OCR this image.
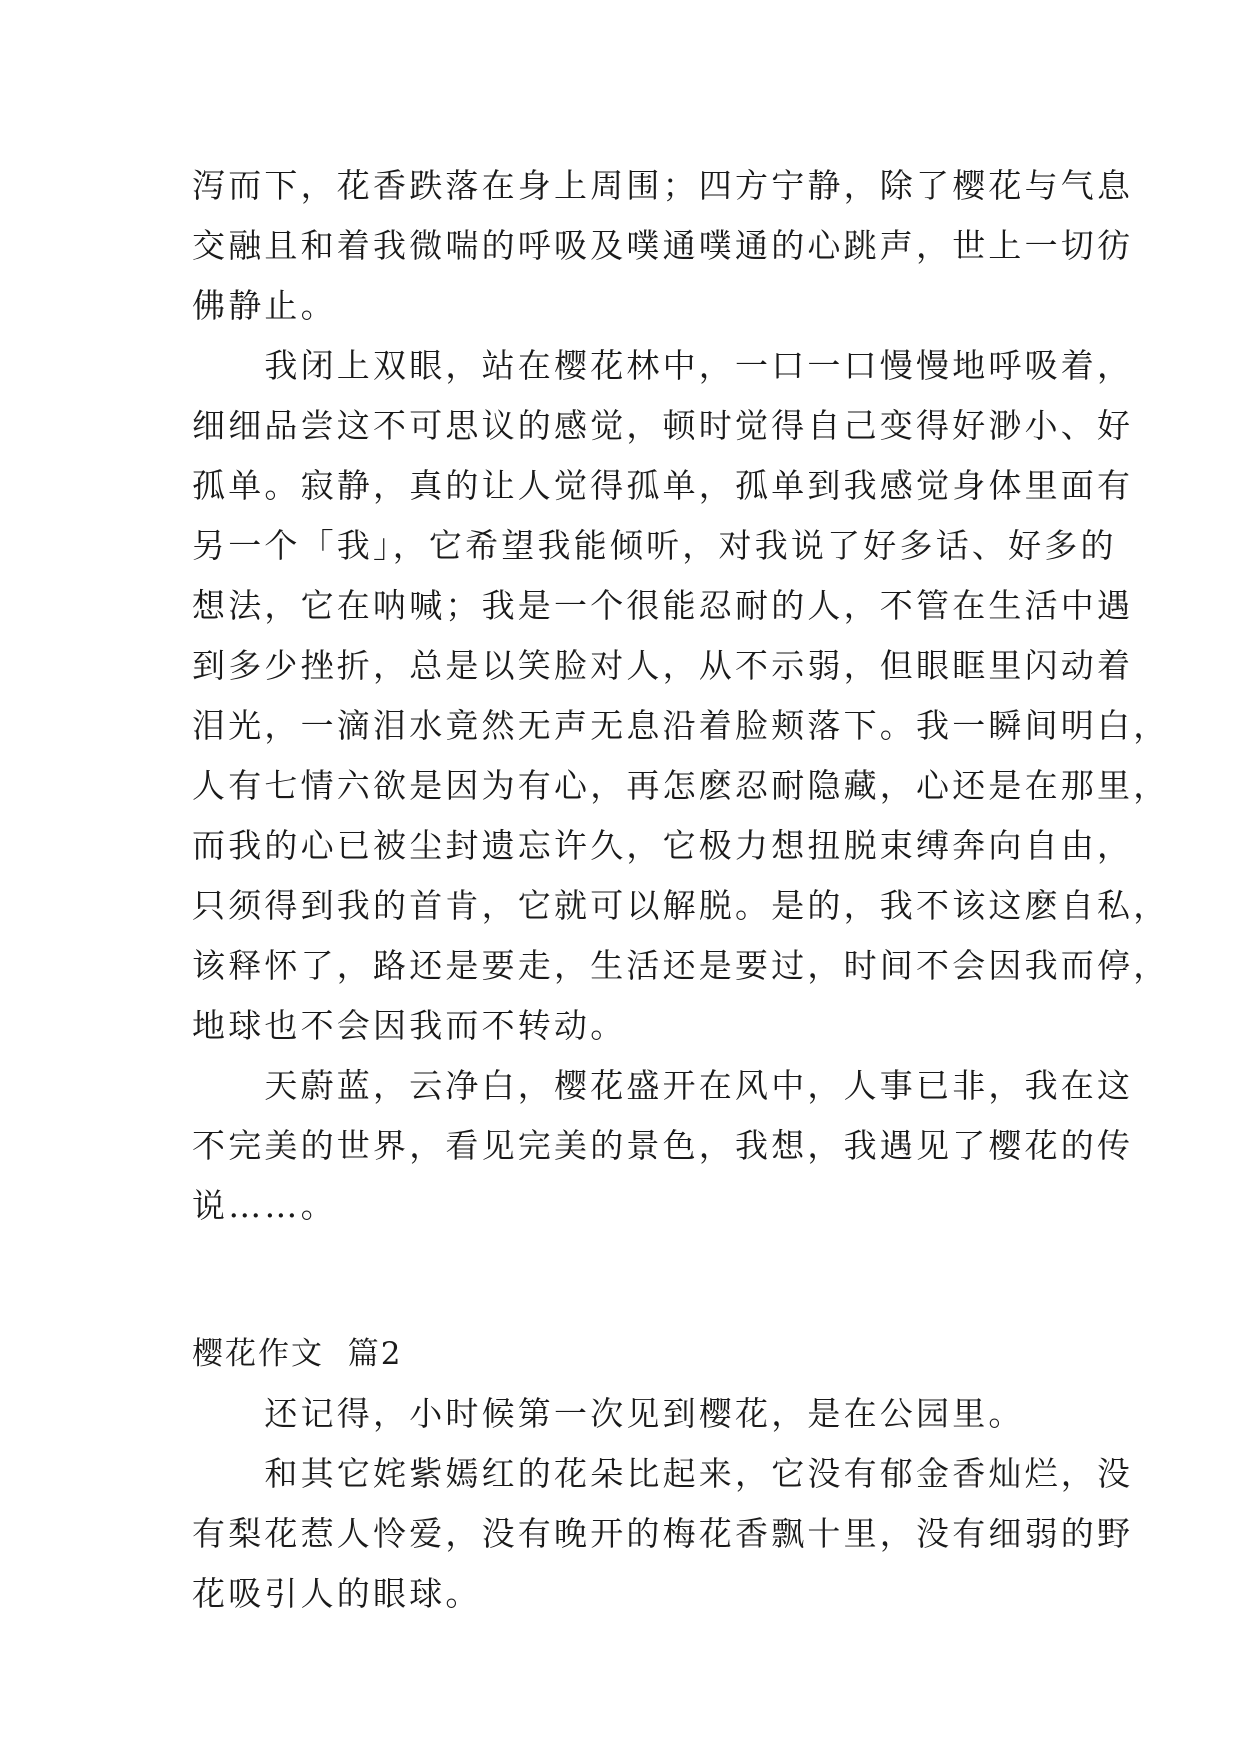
泻而下，花香跌落在身上周围；四方宁静，除了樱花与气息

交融且和着我微喘的呼吸及噗通噗通的心跳声，世上一切彷

佛静止。

　　我闭上双眼，站在樱花林中，一口一口慢慢地呼吸着，

细细品尝这不可思议的感觉，顿时觉得自己变得好渺小、好

孤单。寂静，真的让人觉得孤单，孤单到我感觉身体里面有

另一个「我」，它希望我能倾听，对我说了好多话、好多的

想法，它在呐喊；我是一个很能忍耐的人，不管在生活中遇

到多少挫折，总是以笑脸对人，从不示弱，但眼眶里闪动着

泪光，一滴泪水竟然无声无息沿着脸颊落下。我一瞬间明白，

人有七情六欲是因为有心，再怎麽忍耐隐藏，心还是在那里，

而我的心已被尘封遗忘许久，它极力想扭脱束缚奔向自由，

只须得到我的首肯，它就可以解脱。是的，我不该这麽自私，

该释怀了，路还是要走，生活还是要过，时间不会因我而停，

地球也不会因我而不转动。

　　天蔚蓝，云净白，樱花盛开在风中，人事已非，我在这

不完美的世界，看见完美的景色，我想，我遇见了樱花的传

说……。

樱花作文  篇2

　　还记得，小时候第一次见到樱花，是在公园里。

　　和其它姹紫嫣红的花朵比起来，它没有郁金香灿烂，没

有梨花惹人怜爱，没有晚开的梅花香飘十里，没有细弱的野

花吸引人的眼球。
